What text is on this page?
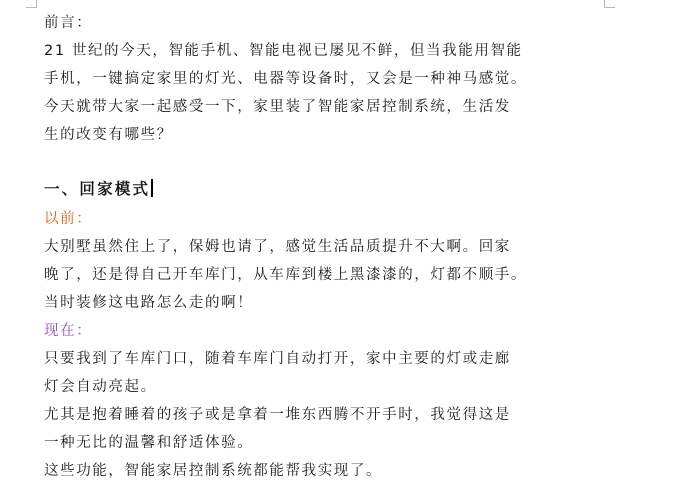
前言：
21 世纪的今天，智能手机、智能电视已屡见不鲜，但当我能用智能
手机，一键搞定家里的灯光、电器等设备时，又会是一种神马感觉。
今天就带大家一起感受一下，家里装了智能家居控制系统，生活发
生的改变有哪些？
一、回家模式
以前：
大别墅虽然住上了，保姆也请了，感觉生活品质提升不大啊。回家
晚了，还是得自己开车库门，从车库到楼上黑漆漆的，灯都不顺手。
当时装修这电路怎么走的啊！
现在：
只要我到了车库门口，随着车库门自动打开，家中主要的灯或走廊
灯会自动亮起。
尤其是抱着睡着的孩子或是拿着一堆东西腾不开手时，我觉得这是
一种无比的温馨和舒适体验。
这些功能，智能家居控制系统都能帮我实现了。
